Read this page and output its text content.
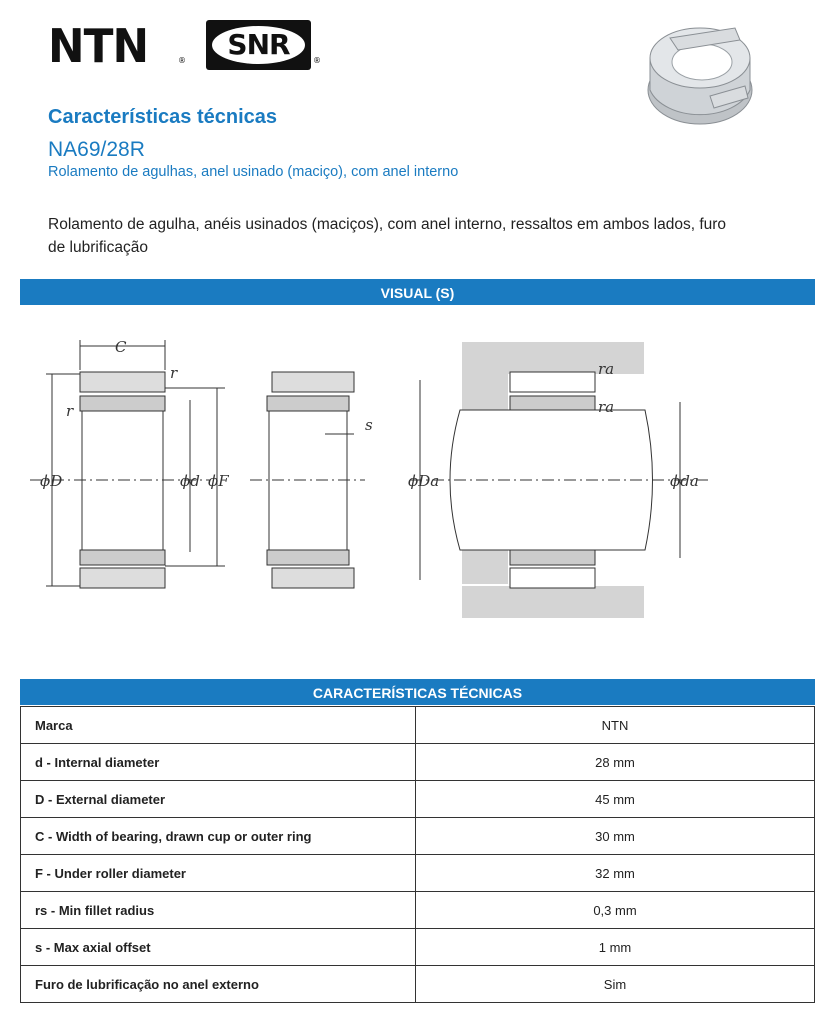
NTN	®	SNR	®
Características técnicas
NA69/28R
Rolamento de agulhas, anel usinado (maciço), com anel interno
Rolamento de agulha, anéis usinados (maciços), com anel interno, ressaltos em ambos lados, furo de lubrificação
VISUAL (S)
C
r
r
ϕD	ϕd ϕF
s
ra
ra
ϕDa	ϕda
CARACTERÍSTICAS TÉCNICAS
Marca	NTN
d - Internal diameter	28 mm
D - External diameter	45 mm
C - Width of bearing, drawn cup or outer ring	30 mm
F - Under roller diameter	32 mm
rs - Min fillet radius	0,3 mm
s - Max axial offset	1 mm
Furo de lubrificação no anel externo	Sim
